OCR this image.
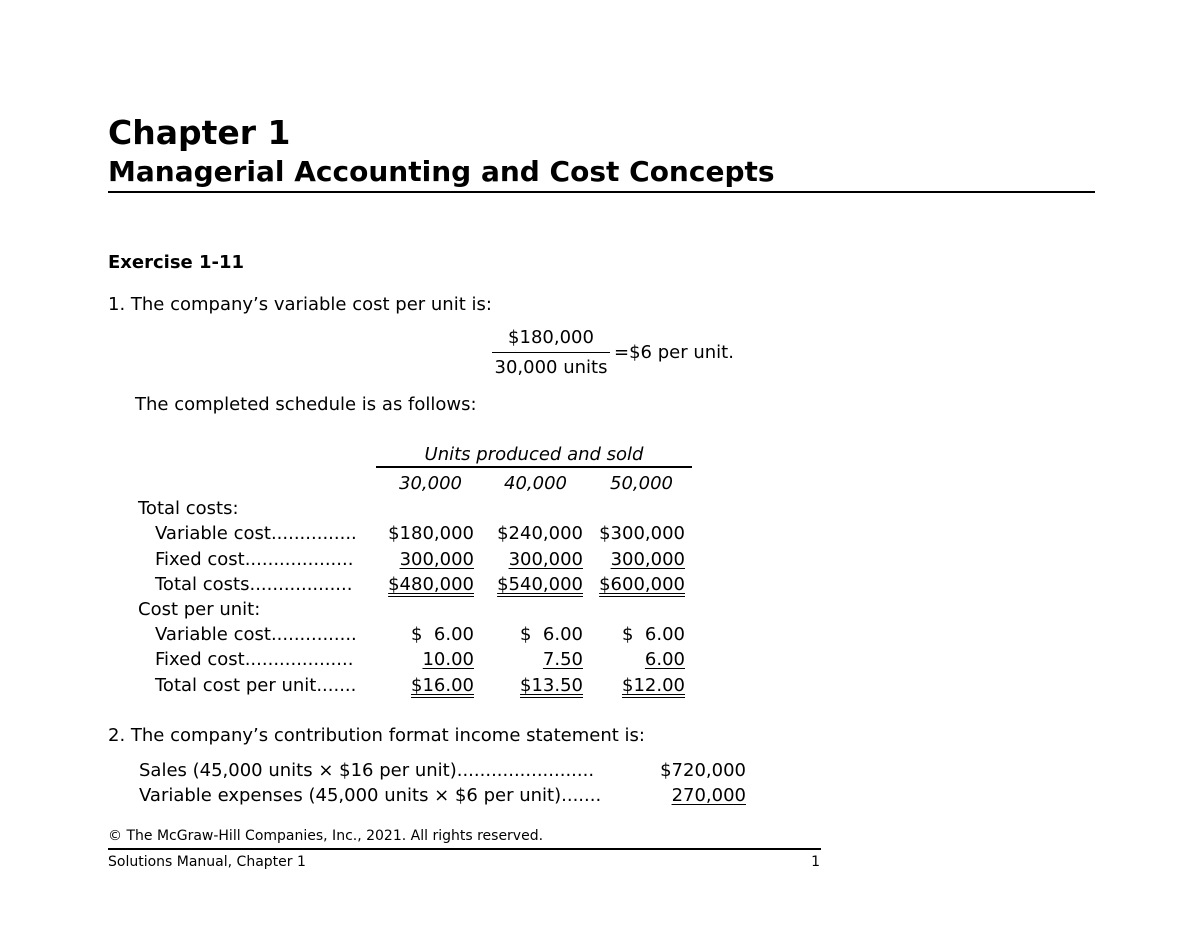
Chapter 1
Managerial Accounting and Cost Concepts
Exercise 1-11
1. The company’s variable cost per unit is:
$180,000
30,000 units
=$6 per unit.
The completed schedule is as follows:
Units produced and sold
30,000	40,000	50,000
Total costs:
Variable cost...............	$180,000	$240,000 $300,000
Fixed cost...................	300,000	300,000	300,000
Total costs..................	$480,000	$540,000 $600,000
Cost per unit:
Variable cost...............	$  6.00	$  6.00	$  6.00
Fixed cost...................	10.00	7.50	6.00
Total cost per unit.......	$16.00	$13.50	$12.00
2. The company’s contribution format income statement is:
Sales (45,000 units × $16 per unit)........................	$720,000
Variable expenses (45,000 units × $6 per unit).......	270,000
© The McGraw-Hill Companies, Inc., 2021. All rights reserved.
Solutions Manual, Chapter 1	1
